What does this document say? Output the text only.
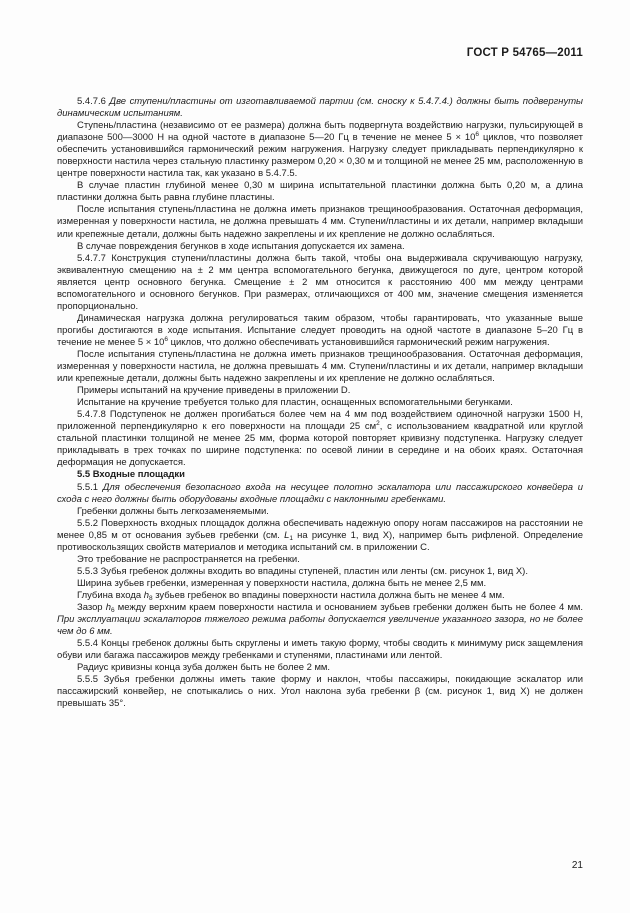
ГОСТ Р 54765—2011

5.4.7.6 Две ступени/пластины от изготавливаемой партии (см. сноску к 5.4.7.4.) должны быть подвергнуты динамическим испытаниям.

Ступень/пластина (независимо от ее размера) должна быть подвергнута воздействию нагрузки, пульсирующей в диапазоне 500—3000 Н на одной частоте в диапазоне 5—20 Гц в течение не менее $5 \times 10^6$ циклов, что позволяет обеспечить установившийся гармонический режим нагружения. Нагрузку следует прикладывать перпендикулярно к поверхности настила через стальную пластинку размером 0,20 × 0,30 м и толщиной не менее 25 мм, расположенную в центре поверхности настила так, как указано в 5.4.7.5.

В случае пластин глубиной менее 0,30 м ширина испытательной пластинки должна быть 0,20 м, а длина пластинки должна быть равна глубине пластины.

После испытания ступень/пластина не должна иметь признаков трещинообразования. Остаточная деформация, измеренная у поверхности настила, не должна превышать 4 мм. Ступени/пластины и их детали, например вкладыши или крепежные детали, должны быть надежно закреплены и их крепление не должно ослабляться.

В случае повреждения бегунков в ходе испытания допускается их замена.

5.4.7.7 Конструкция ступени/пластины должна быть такой, чтобы она выдерживала скручивающую нагрузку, эквивалентную смещению на ± 2 мм центра вспомогательного бегунка, движущегося по дуге, центром которой является центр основного бегунка. Смещение ± 2 мм относится к расстоянию 400 мм между центрами вспомогательного и основного бегунков. При размерах, отличающихся от 400 мм, значение смещения изменяется пропорционально.

Динамическая нагрузка должна регулироваться таким образом, чтобы гарантировать, что указанные выше прогибы достигаются в ходе испытания. Испытание следует проводить на одной частоте в диапазоне 5–20 Гц в течение не менее $5 \times 10^6$ циклов, что должно обеспечивать установившийся гармонический режим нагружения.

После испытания ступень/пластина не должна иметь признаков трещинообразования. Остаточная деформация, измеренная у поверхности настила, не должна превышать 4 мм. Ступени/пластины и их детали, например вкладыши или крепежные детали, должны быть надежно закреплены и их крепление не должно ослабляться.

Примеры испытаний на кручение приведены в приложении D.

Испытание на кручение требуется только для пластин, оснащенных вспомогательными бегунками.

5.4.7.8 Подступенок не должен прогибаться более чем на 4 мм под воздействием одиночной нагрузки 1500 Н, приложенной перпендикулярно к его поверхности на площади 25 $см^2$, с использованием квадратной или круглой стальной пластинки толщиной не менее 25 мм, форма которой повторяет кривизну подступенка. Нагрузку следует прикладывать в трех точках по ширине подступенка: по осевой линии в середине и на обоих краях. Остаточная деформация не допускается.

5.5 Входные площадки

5.5.1 Для обеспечения безопасного входа на несущее полотно эскалатора или пассажирского конвейера и схода с него должны быть оборудованы входные площадки с наклонными гребенками.

Гребенки должны быть легкозаменяемыми.

5.5.2 Поверхность входных площадок должна обеспечивать надежную опору ногам пассажиров на расстоянии не менее 0,85 м от основания зубьев гребенки (см. $L_1$ на рисунке 1, вид Х), например быть рифленой. Определение противоскользящих свойств материалов и методика испытаний см. в приложении С.

Это требование не распространяется на гребенки.

5.5.3 Зубья гребенок должны входить во впадины ступеней, пластин или ленты (см. рисунок 1, вид Х).

Ширина зубьев гребенки, измеренная у поверхности настила, должна быть не менее 2,5 мм.

Глубина входа $h_8$ зубьев гребенок во впадины поверхности настила должна быть не менее 4 мм.

Зазор $h_6$ между верхним краем поверхности настила и основанием зубьев гребенки должен быть не более 4 мм. При эксплуатации эскалаторов тяжелого режима работы допускается увеличение указанного зазора, но не более чем до 6 мм.

5.5.4 Концы гребенок должны быть скруглены и иметь такую форму, чтобы сводить к минимуму риск защемления обуви или багажа пассажиров между гребенками и ступенями, пластинами или лентой.

Радиус кривизны конца зуба должен быть не более 2 мм.

5.5.5 Зубья гребенки должны иметь такие форму и наклон, чтобы пассажиры, покидающие эскалатор или пассажирский конвейер, не спотыкались о них. Угол наклона зуба гребенки β (см. рисунок 1, вид Х) не должен превышать 35°.

21
